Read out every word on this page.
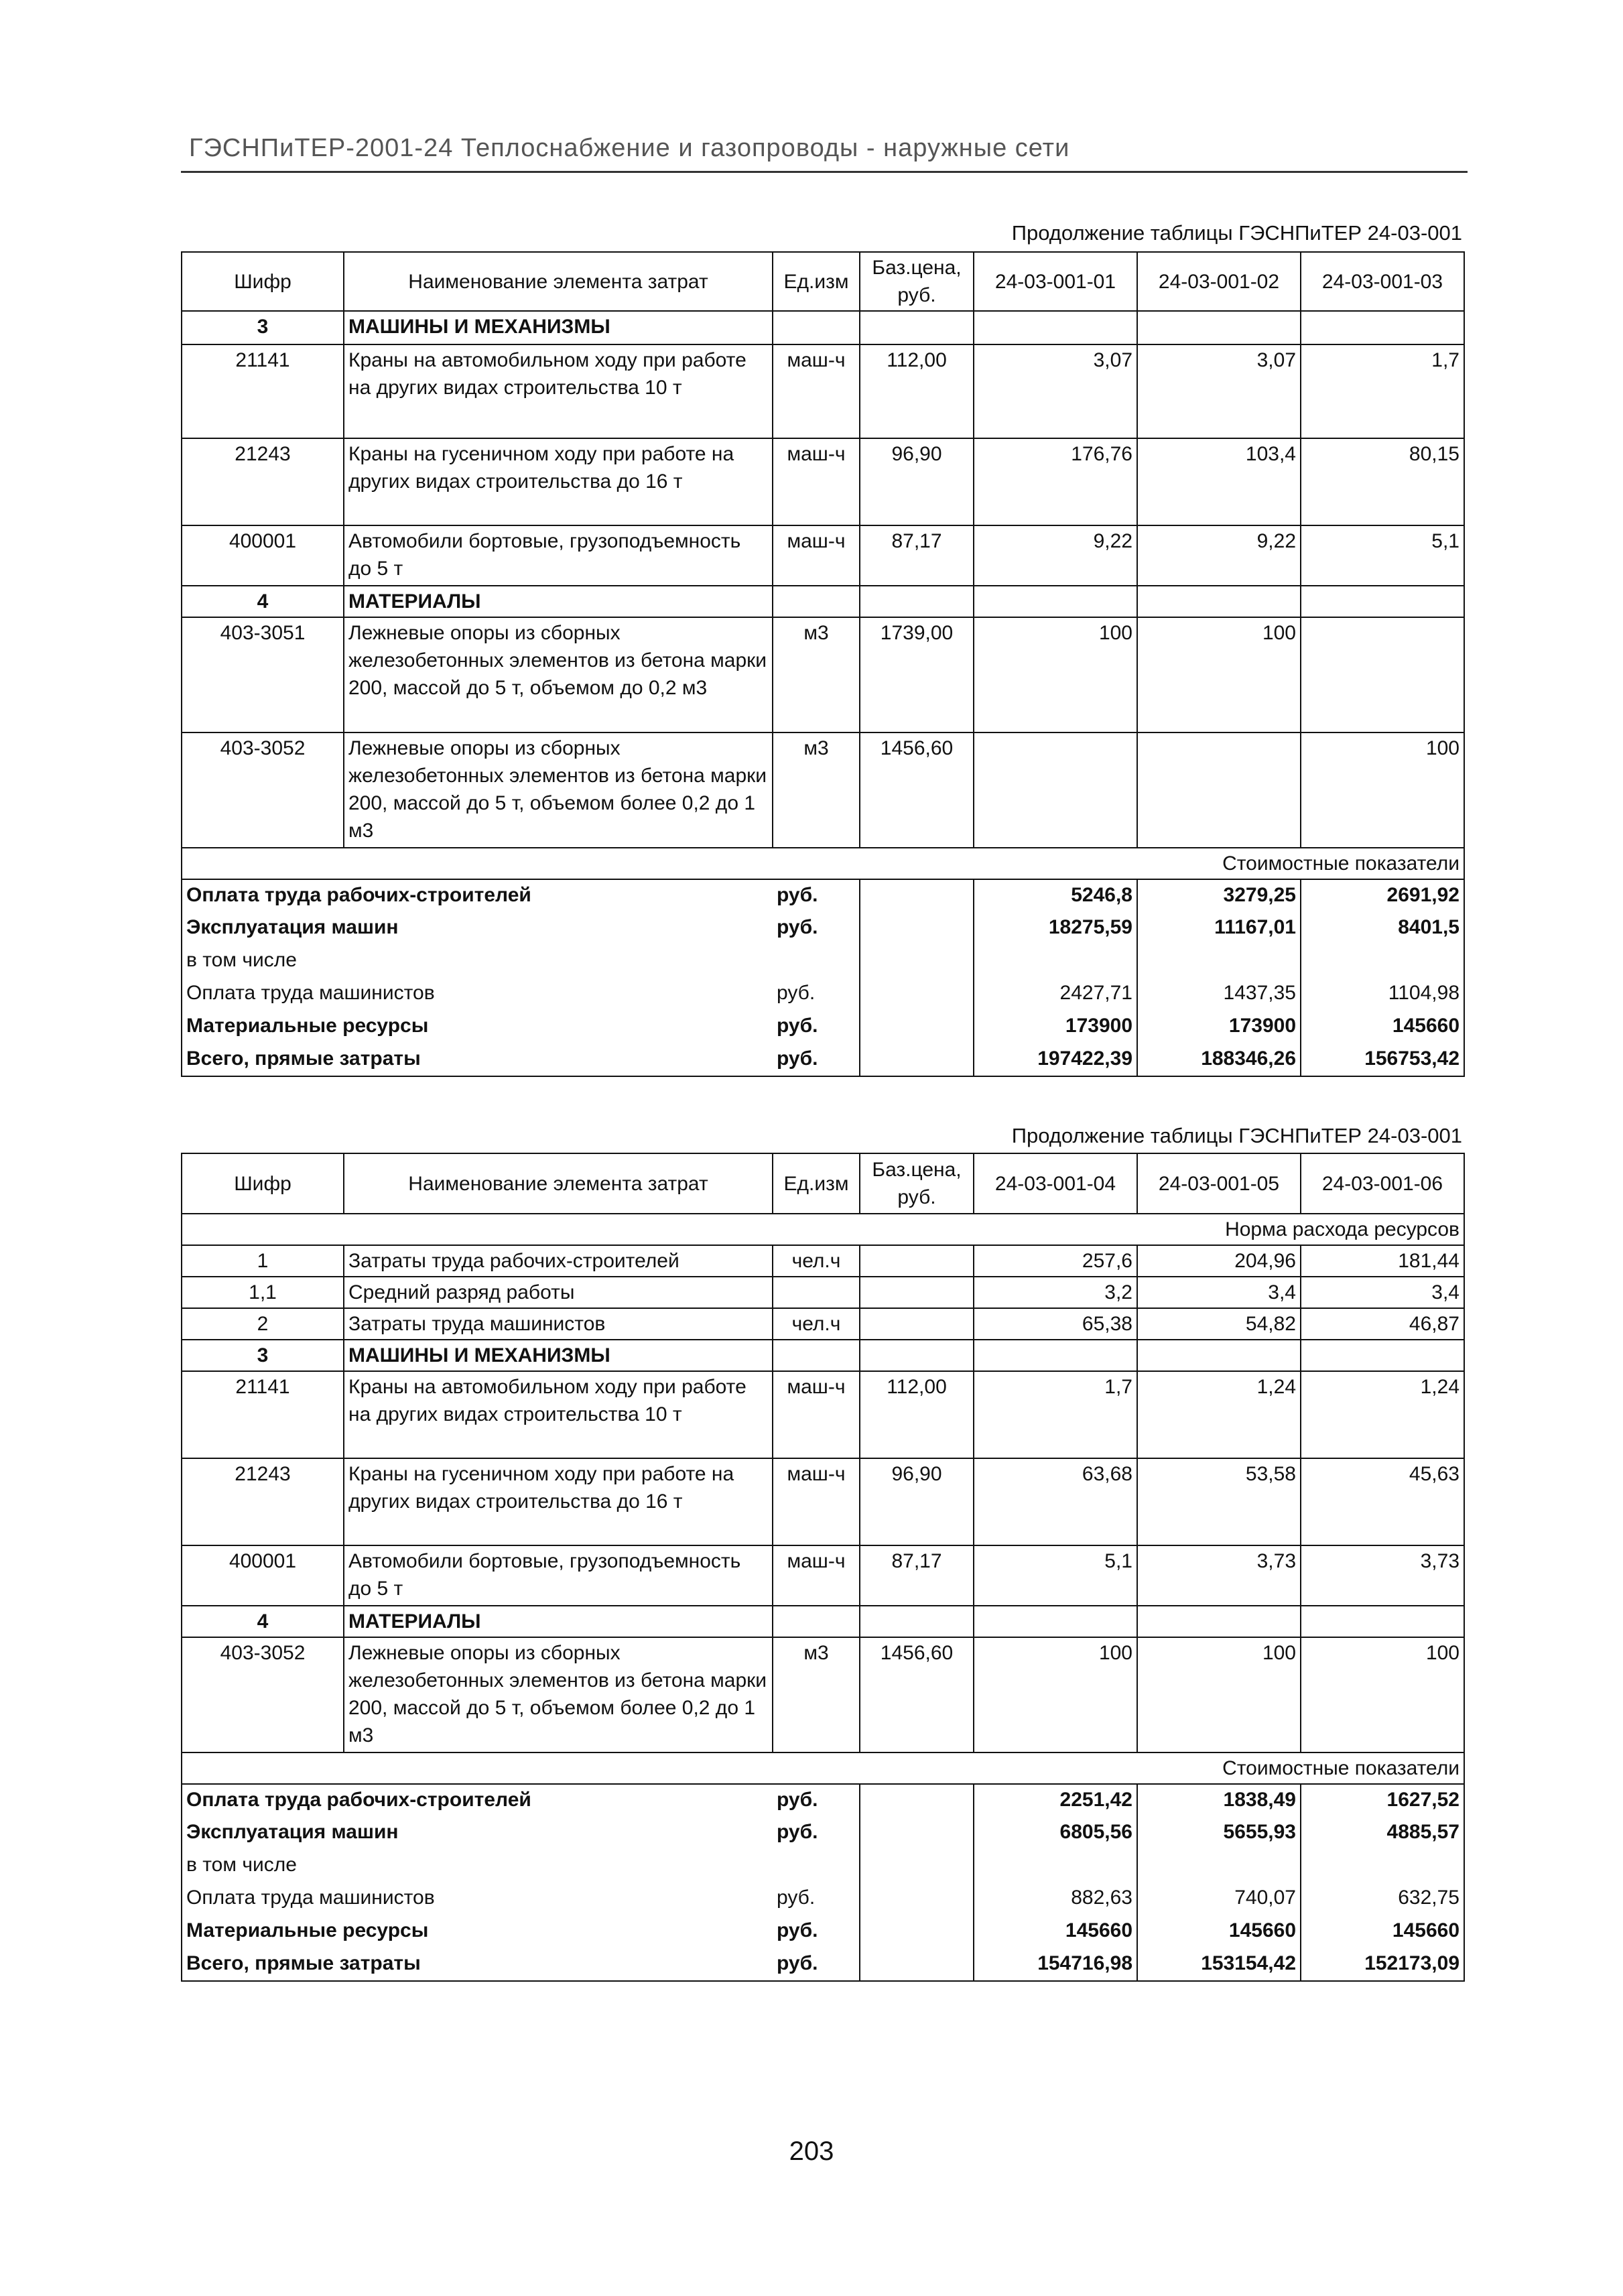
ГЭСНПиТЕР-2001-24 Теплоснабжение и газопроводы - наружные сети
Продолжение таблицы ГЭСНПиТЕР 24-03-001
Шифр	Наименование элемента затрат	Ед.изм	Баз.цена, руб.	24-03-001-01	24-03-001-02	24-03-001-03
3	МАШИНЫ И МЕХАНИЗМЫ					
21141	Краны на автомобильном ходу при работе на других видах строительства 10 т	маш-ч	112,00	3,07	3,07	1,7
21243	Краны на гусеничном ходу при работе на других видах строительства до 16 т	маш-ч	96,90	176,76	103,4	80,15
400001	Автомобили бортовые, грузоподъемность до 5 т	маш-ч	87,17	9,22	9,22	5,1
4	МАТЕРИАЛЫ					
403-3051	Лежневые опоры из сборных железобетонных элементов из бетона марки 200, массой до 5 т, объемом до 0,2 м3	м3	1739,00	100	100	
403-3052	Лежневые опоры из сборных железобетонных элементов из бетона марки 200, массой до 5 т, объемом более 0,2 до 1 м3	м3	1456,60			100
Стоимостные показатели						
Оплата труда рабочих-строителей		руб.		5246,8	3279,25	2691,92
Эксплуатация машин		руб.		18275,59	11167,01	8401,5
в том числе						
Оплата труда машинистов		руб.		2427,71	1437,35	1104,98
Материальные ресурсы		руб.		173900	173900	145660
Всего, прямые затраты		руб.		197422,39	188346,26	156753,42
Продолжение таблицы ГЭСНПиТЕР 24-03-001
Шифр	Наименование элемента затрат	Ед.изм	Баз.цена, руб.	24-03-001-04	24-03-001-05	24-03-001-06
Норма расхода ресурсов						
1	Затраты труда рабочих-строителей	чел.ч		257,6	204,96	181,44
1,1	Средний разряд работы			3,2	3,4	3,4
2	Затраты труда машинистов	чел.ч		65,38	54,82	46,87
3	МАШИНЫ И МЕХАНИЗМЫ					
21141	Краны на автомобильном ходу при работе на других видах строительства 10 т	маш-ч	112,00	1,7	1,24	1,24
21243	Краны на гусеничном ходу при работе на других видах строительства до 16 т	маш-ч	96,90	63,68	53,58	45,63
400001	Автомобили бортовые, грузоподъемность до 5 т	маш-ч	87,17	5,1	3,73	3,73
4	МАТЕРИАЛЫ					
403-3052	Лежневые опоры из сборных железобетонных элементов из бетона марки 200, массой до 5 т, объемом более 0,2 до 1 м3	м3	1456,60	100	100	100
Стоимостные показатели						
Оплата труда рабочих-строителей		руб.		2251,42	1838,49	1627,52
Эксплуатация машин		руб.		6805,56	5655,93	4885,57
в том числе						
Оплата труда машинистов		руб.		882,63	740,07	632,75
Материальные ресурсы		руб.		145660	145660	145660
Всего, прямые затраты		руб.		154716,98	153154,42	152173,09
203
